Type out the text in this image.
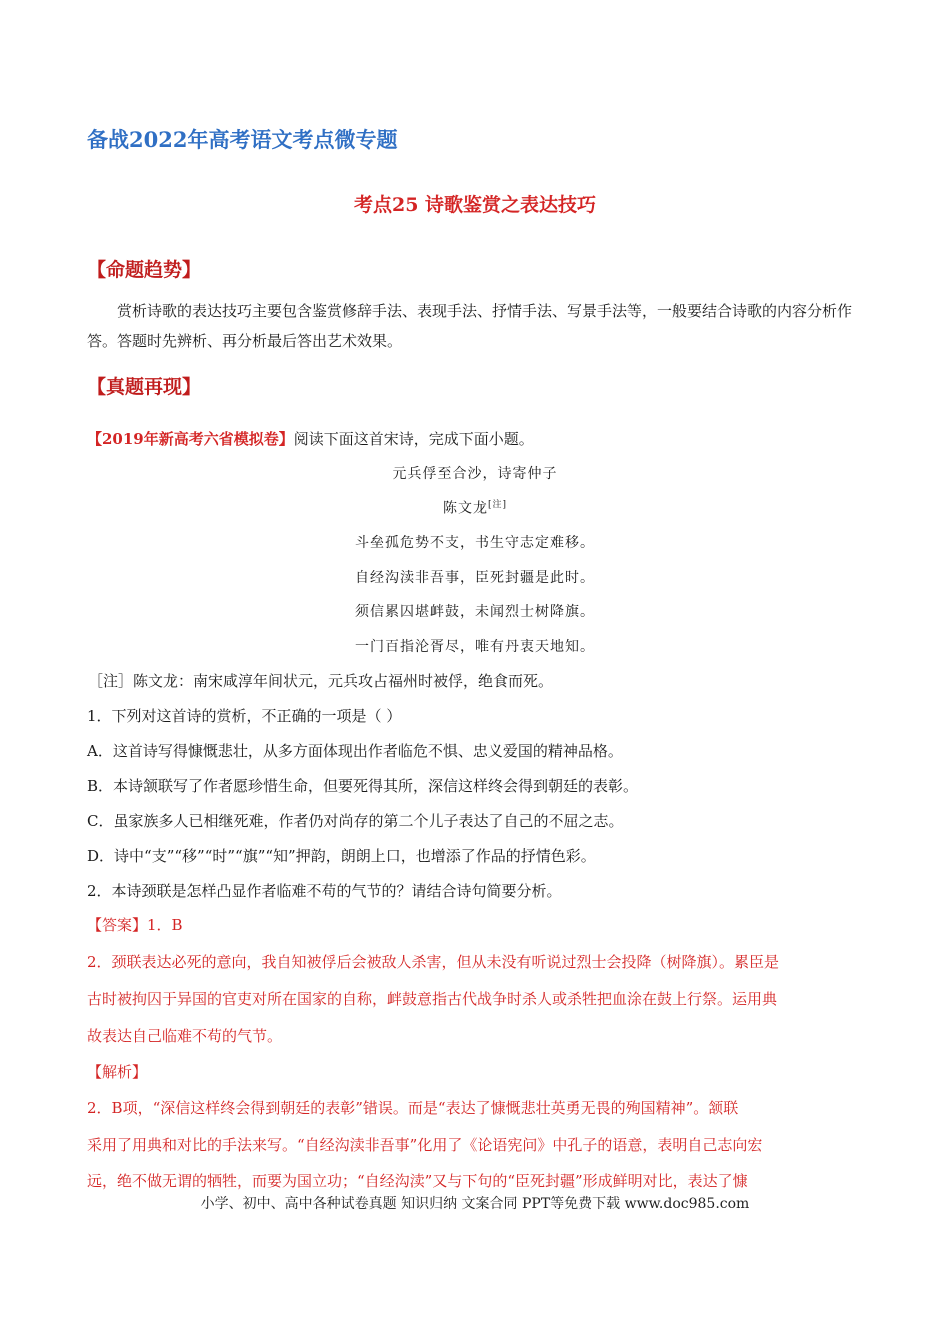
备战2022年高考语文考点微专题
考点25 诗歌鉴赏之表达技巧
【命题趋势】
赏析诗歌的表达技巧主要包含鉴赏修辞手法、表现手法、抒情手法、写景手法等，一般要结合诗歌的内容分析作答。答题时先辨析、再分析最后答出艺术效果。
【真题再现】
【2019年新高考六省模拟卷】阅读下面这首宋诗，完成下面小题。
元兵俘至合沙，诗寄仲子
陈文龙[注]
斗垒孤危势不支，书生守志定难移。
自经沟渎非吾事，臣死封疆是此时。
须信累囚堪衅鼓，未闻烈士树降旗。
一门百指沦胥尽，唯有丹衷天地知。
［注］陈文龙：南宋咸淳年间状元，元兵攻占福州时被俘，绝食而死。
1．下列对这首诗的赏析，不正确的一项是（ ）
A．这首诗写得慷慨悲壮，从多方面体现出作者临危不惧、忠义爱国的精神品格。
B．本诗颔联写了作者愿珍惜生命，但要死得其所，深信这样终会得到朝廷的表彰。
C．虽家族多人已相继死难，作者仍对尚存的第二个儿子表达了自己的不屈之志。
D．诗中“支”“移”“时”“旗”“知”押韵，朗朗上口，也增添了作品的抒情色彩。
2．本诗颈联是怎样凸显作者临难不苟的气节的？请结合诗句简要分析。
【答案】1．B
2．颈联表达必死的意向，我自知被俘后会被敌人杀害，但从未没有听说过烈士会投降（树降旗）。累臣是
古时被拘囚于异国的官吏对所在国家的自称，衅鼓意指古代战争时杀人或杀牲把血涂在鼓上行祭。运用典
故表达自己临难不苟的气节。
【解析】
2．B项，“深信这样终会得到朝廷的表彰”错误。而是“表达了慷慨悲壮英勇无畏的殉国精神”。颔联
采用了用典和对比的手法来写。“自经沟渎非吾事”化用了《论语宪问》中孔子的语意，表明自己志向宏
远，绝不做无谓的牺牲，而要为国立功；“自经沟渎”又与下句的“臣死封疆”形成鲜明对比，表达了慷
小学、初中、高中各种试卷真题 知识归纳 文案合同 PPT等免费下载 www.doc985.com
